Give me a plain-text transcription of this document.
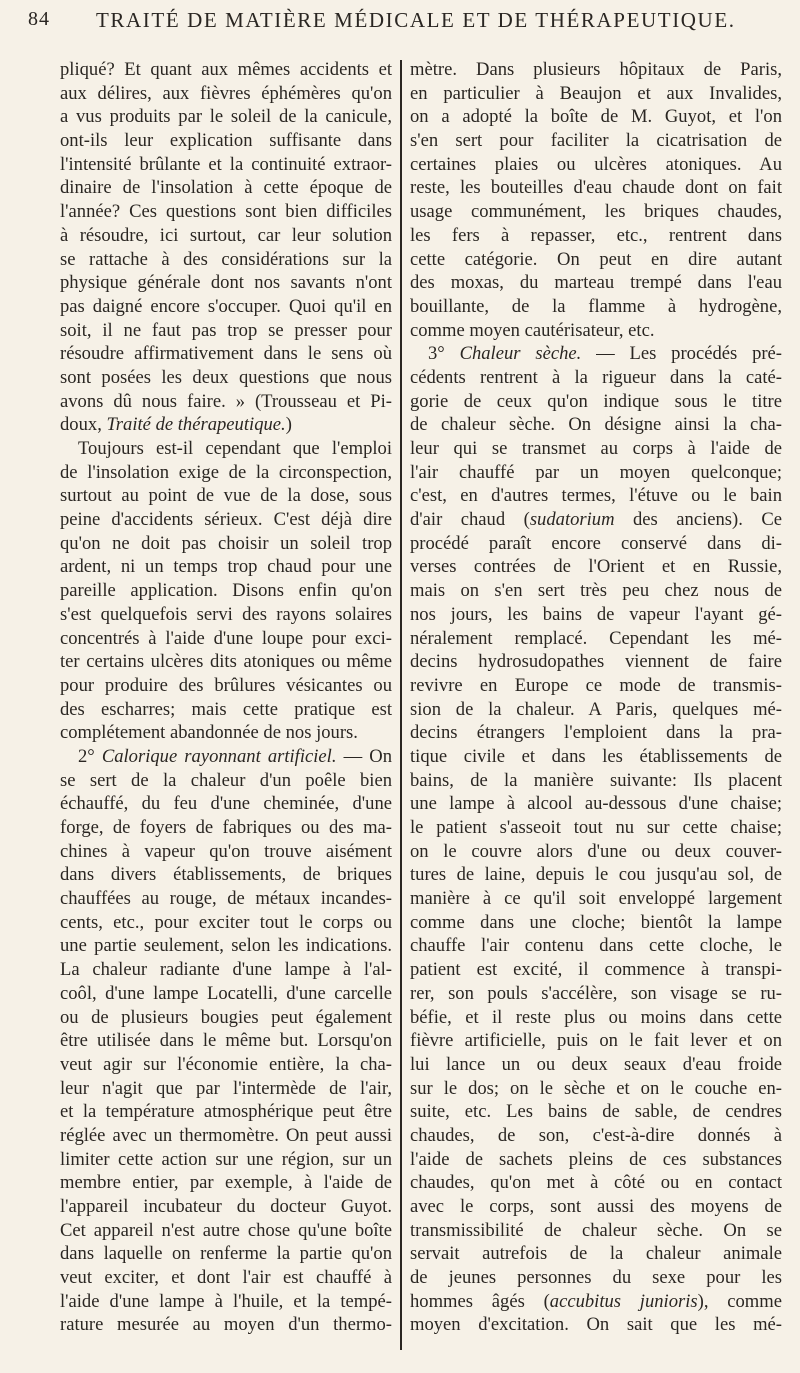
84 TRAITÉ DE MATIÈRE MÉDICALE ET DE THÉRAPEUTIQUE.
pliqué? Et quant aux mêmes accidents et
aux délires, aux fièvres éphémères qu'on
a vus produits par le soleil de la canicule,
ont-ils leur explication suffisante dans
l'intensité brûlante et la continuité extraor-
dinaire de l'insolation à cette époque de
l'année? Ces questions sont bien difficiles
à résoudre, ici surtout, car leur solution
se rattache à des considérations sur la
physique générale dont nos savants n'ont
pas daigné encore s'occuper. Quoi qu'il en
soit, il ne faut pas trop se presser pour
résoudre affirmativement dans le sens où
sont posées les deux questions que nous
avons dû nous faire. » (Trousseau et Pi-
doux, Traité de thérapeutique.)
Toujours est-il cependant que l'emploi
de l'insolation exige de la circonspection,
surtout au point de vue de la dose, sous
peine d'accidents sérieux. C'est déjà dire
qu'on ne doit pas choisir un soleil trop
ardent, ni un temps trop chaud pour une
pareille application. Disons enfin qu'on
s'est quelquefois servi des rayons solaires
concentrés à l'aide d'une loupe pour exci-
ter certains ulcères dits atoniques ou même
pour produire des brûlures vésicantes ou
des escharres; mais cette pratique est
complétement abandonnée de nos jours.
2° Calorique rayonnant artificiel. — On
se sert de la chaleur d'un poêle bien
échauffé, du feu d'une cheminée, d'une
forge, de foyers de fabriques ou des ma-
chines à vapeur qu'on trouve aisément
dans divers établissements, de briques
chauffées au rouge, de métaux incandes-
cents, etc., pour exciter tout le corps ou
une partie seulement, selon les indications.
La chaleur radiante d'une lampe à l'al-
coôl, d'une lampe Locatelli, d'une carcelle
ou de plusieurs bougies peut également
être utilisée dans le même but. Lorsqu'on
veut agir sur l'économie entière, la cha-
leur n'agit que par l'intermède de l'air,
et la température atmosphérique peut être
réglée avec un thermomètre. On peut aussi
limiter cette action sur une région, sur un
membre entier, par exemple, à l'aide de
l'appareil incubateur du docteur Guyot.
Cet appareil n'est autre chose qu'une boîte
dans laquelle on renferme la partie qu'on
veut exciter, et dont l'air est chauffé à
l'aide d'une lampe à l'huile, et la tempé-
rature mesurée au moyen d'un thermo-
mètre. Dans plusieurs hôpitaux de Paris,
en particulier à Beaujon et aux Invalides,
on a adopté la boîte de M. Guyot, et l'on
s'en sert pour faciliter la cicatrisation de
certaines plaies ou ulcères atoniques. Au
reste, les bouteilles d'eau chaude dont on fait
usage communément, les briques chaudes,
les fers à repasser, etc., rentrent dans
cette catégorie. On peut en dire autant
des moxas, du marteau trempé dans l'eau
bouillante, de la flamme à hydrogène,
comme moyen cautérisateur, etc.
3° Chaleur sèche. — Les procédés pré-
cédents rentrent à la rigueur dans la caté-
gorie de ceux qu'on indique sous le titre
de chaleur sèche. On désigne ainsi la cha-
leur qui se transmet au corps à l'aide de
l'air chauffé par un moyen quelconque;
c'est, en d'autres termes, l'étuve ou le bain
d'air chaud (sudatorium des anciens). Ce
procédé paraît encore conservé dans di-
verses contrées de l'Orient et en Russie,
mais on s'en sert très peu chez nous de
nos jours, les bains de vapeur l'ayant gé-
néralement remplacé. Cependant les mé-
decins hydrosudopathes viennent de faire
revivre en Europe ce mode de transmis-
sion de la chaleur. A Paris, quelques mé-
decins étrangers l'emploient dans la pra-
tique civile et dans les établissements de
bains, de la manière suivante: Ils placent
une lampe à alcool au-dessous d'une chaise;
le patient s'asseoit tout nu sur cette chaise;
on le couvre alors d'une ou deux couver-
tures de laine, depuis le cou jusqu'au sol, de
manière à ce qu'il soit enveloppé largement
comme dans une cloche; bientôt la lampe
chauffe l'air contenu dans cette cloche, le
patient est excité, il commence à transpi-
rer, son pouls s'accélère, son visage se ru-
béfie, et il reste plus ou moins dans cette
fièvre artificielle, puis on le fait lever et on
lui lance un ou deux seaux d'eau froide
sur le dos; on le sèche et on le couche en-
suite, etc. Les bains de sable, de cendres
chaudes, de son, c'est-à-dire donnés à
l'aide de sachets pleins de ces substances
chaudes, qu'on met à côté ou en contact
avec le corps, sont aussi des moyens de
transmissibilité de chaleur sèche. On se
servait autrefois de la chaleur animale
de jeunes personnes du sexe pour les
hommes âgés (accubitus junioris), comme
moyen d'excitation. On sait que les mé-
